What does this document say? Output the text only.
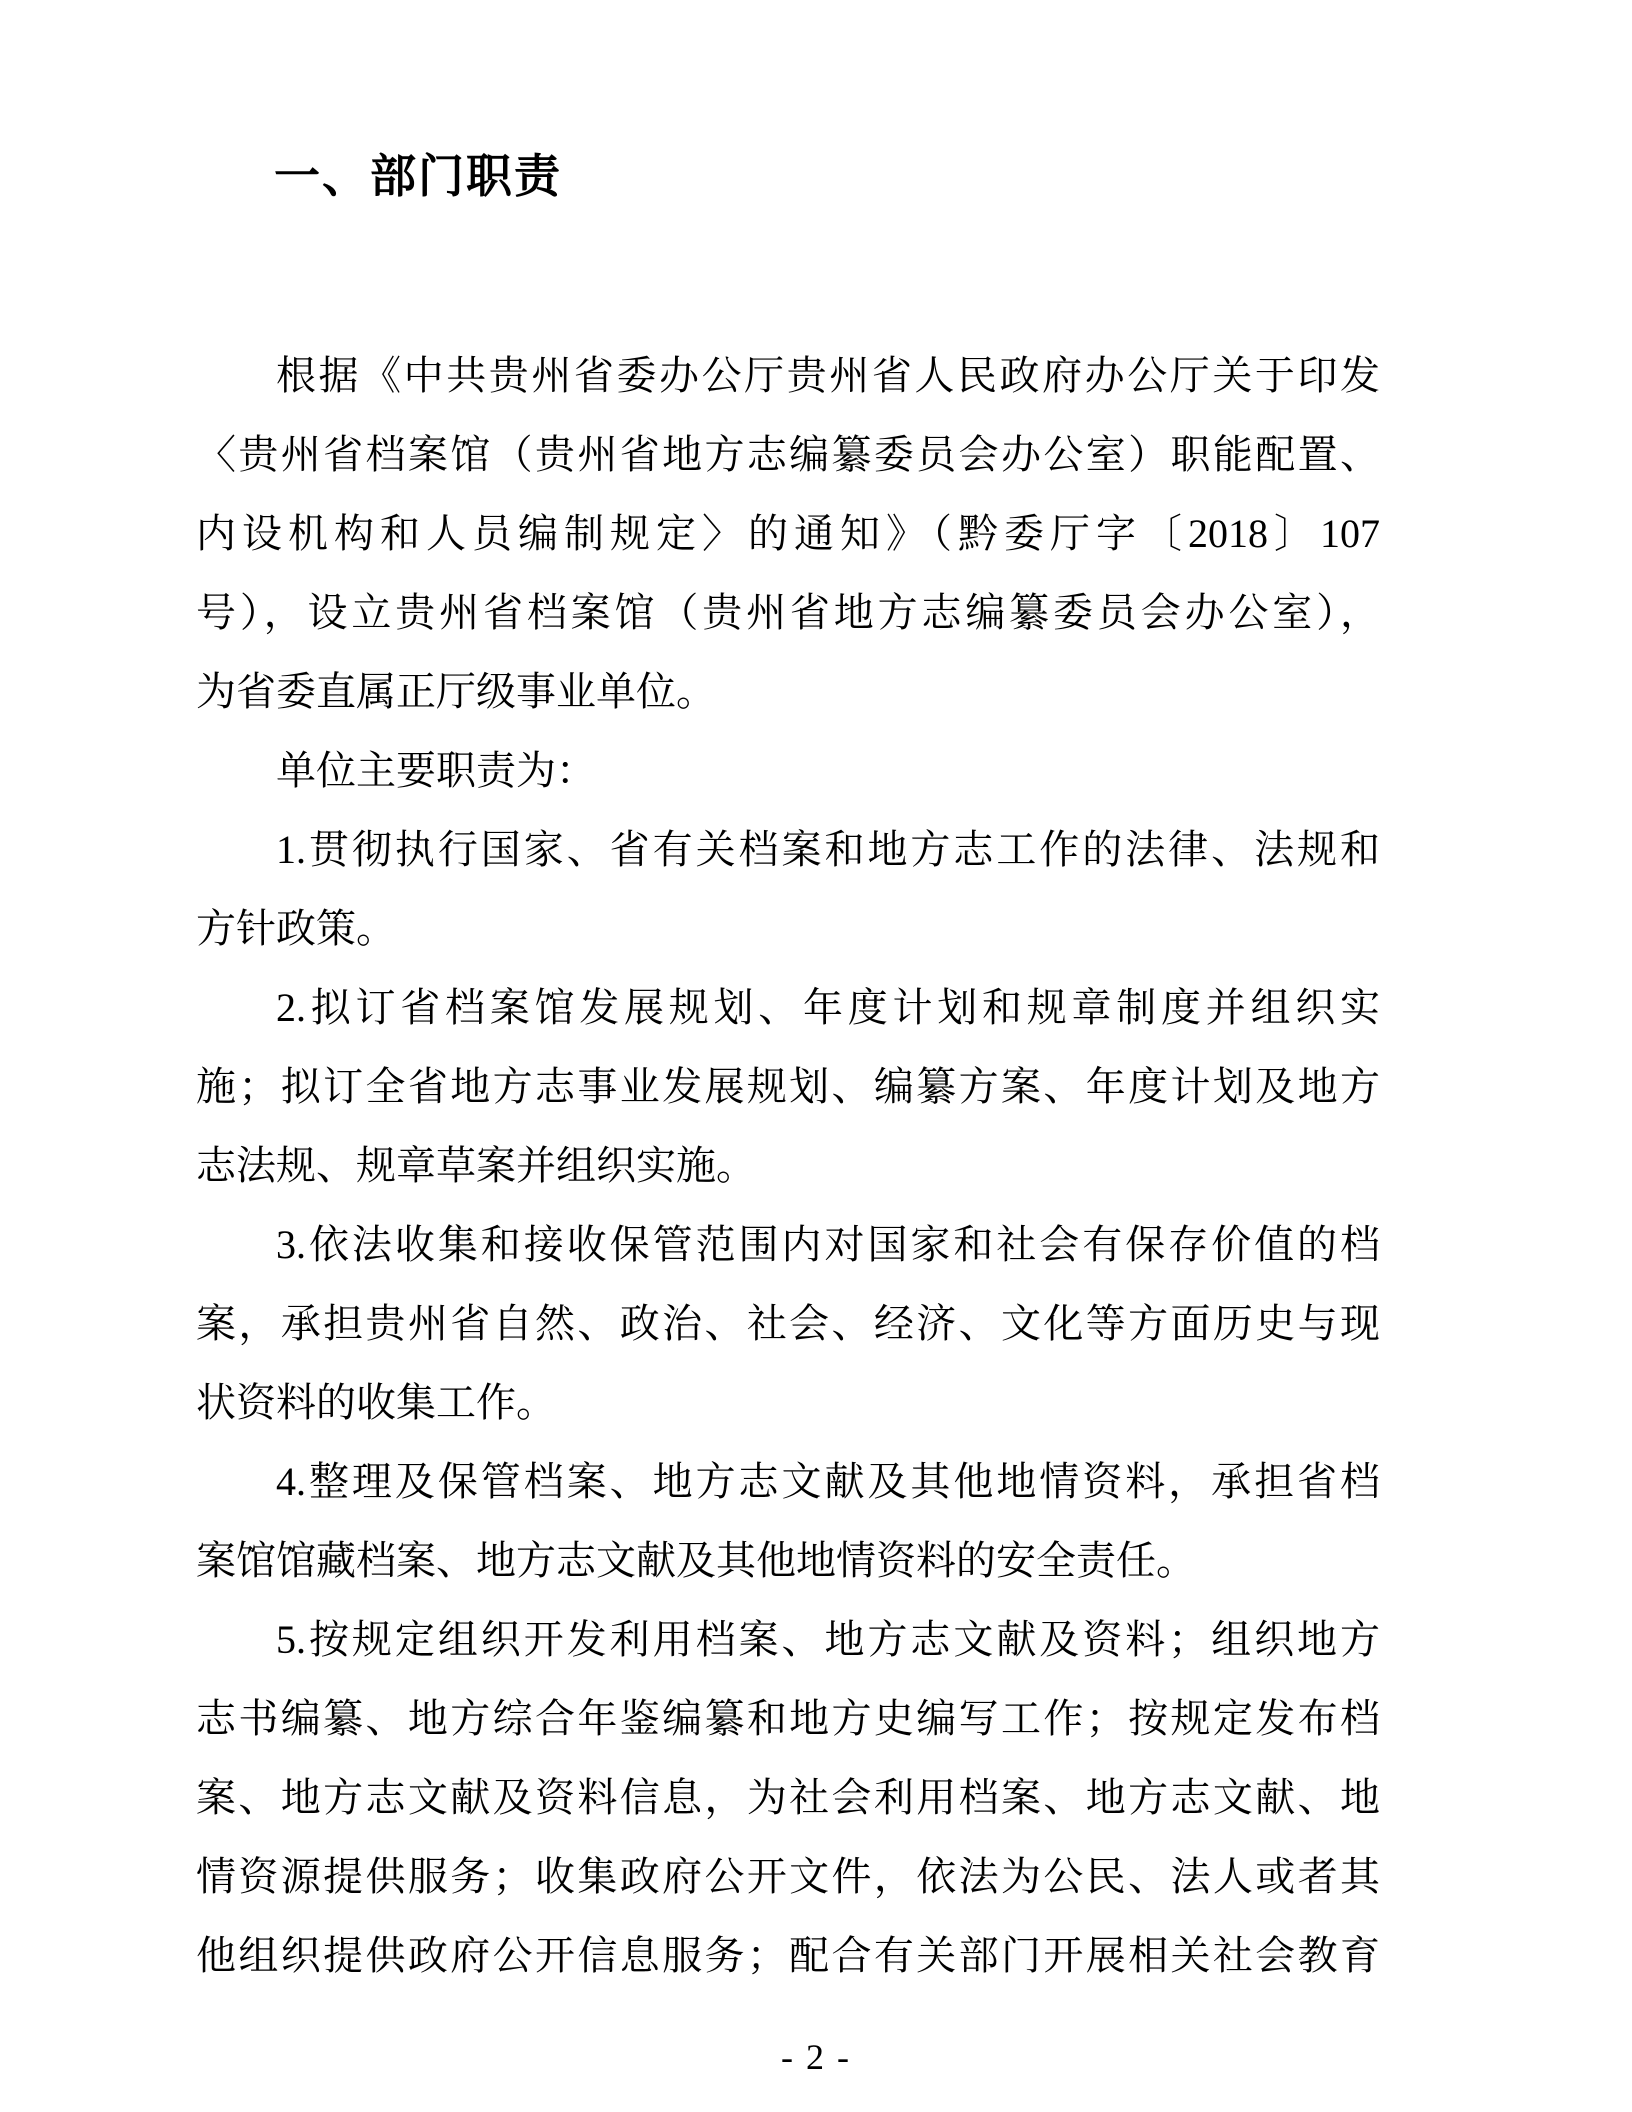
一、部门职责
根据《中共贵州省委办公厅贵州省人民政府办公厅关于印发
〈贵州省档案馆（贵州省地方志编纂委员会办公室）职能配置、
内设机构和人员编制规定〉的通知》（黔委厅字〔2018〕107
号），设立贵州省档案馆（贵州省地方志编纂委员会办公室），
为省委直属正厅级事业单位。
单位主要职责为：
1.贯彻执行国家、省有关档案和地方志工作的法律、法规和
方针政策。
2.拟订省档案馆发展规划、年度计划和规章制度并组织实
施；拟订全省地方志事业发展规划、编纂方案、年度计划及地方
志法规、规章草案并组织实施。
3.依法收集和接收保管范围内对国家和社会有保存价值的档
案，承担贵州省自然、政治、社会、经济、文化等方面历史与现
状资料的收集工作。
4.整理及保管档案、地方志文献及其他地情资料，承担省档
案馆馆藏档案、地方志文献及其他地情资料的安全责任。
5.按规定组织开发利用档案、地方志文献及资料；组织地方
志书编纂、地方综合年鉴编纂和地方史编写工作；按规定发布档
案、地方志文献及资料信息，为社会利用档案、地方志文献、地
情资源提供服务；收集政府公开文件，依法为公民、法人或者其
他组织提供政府公开信息服务；配合有关部门开展相关社会教育
- 2 -
